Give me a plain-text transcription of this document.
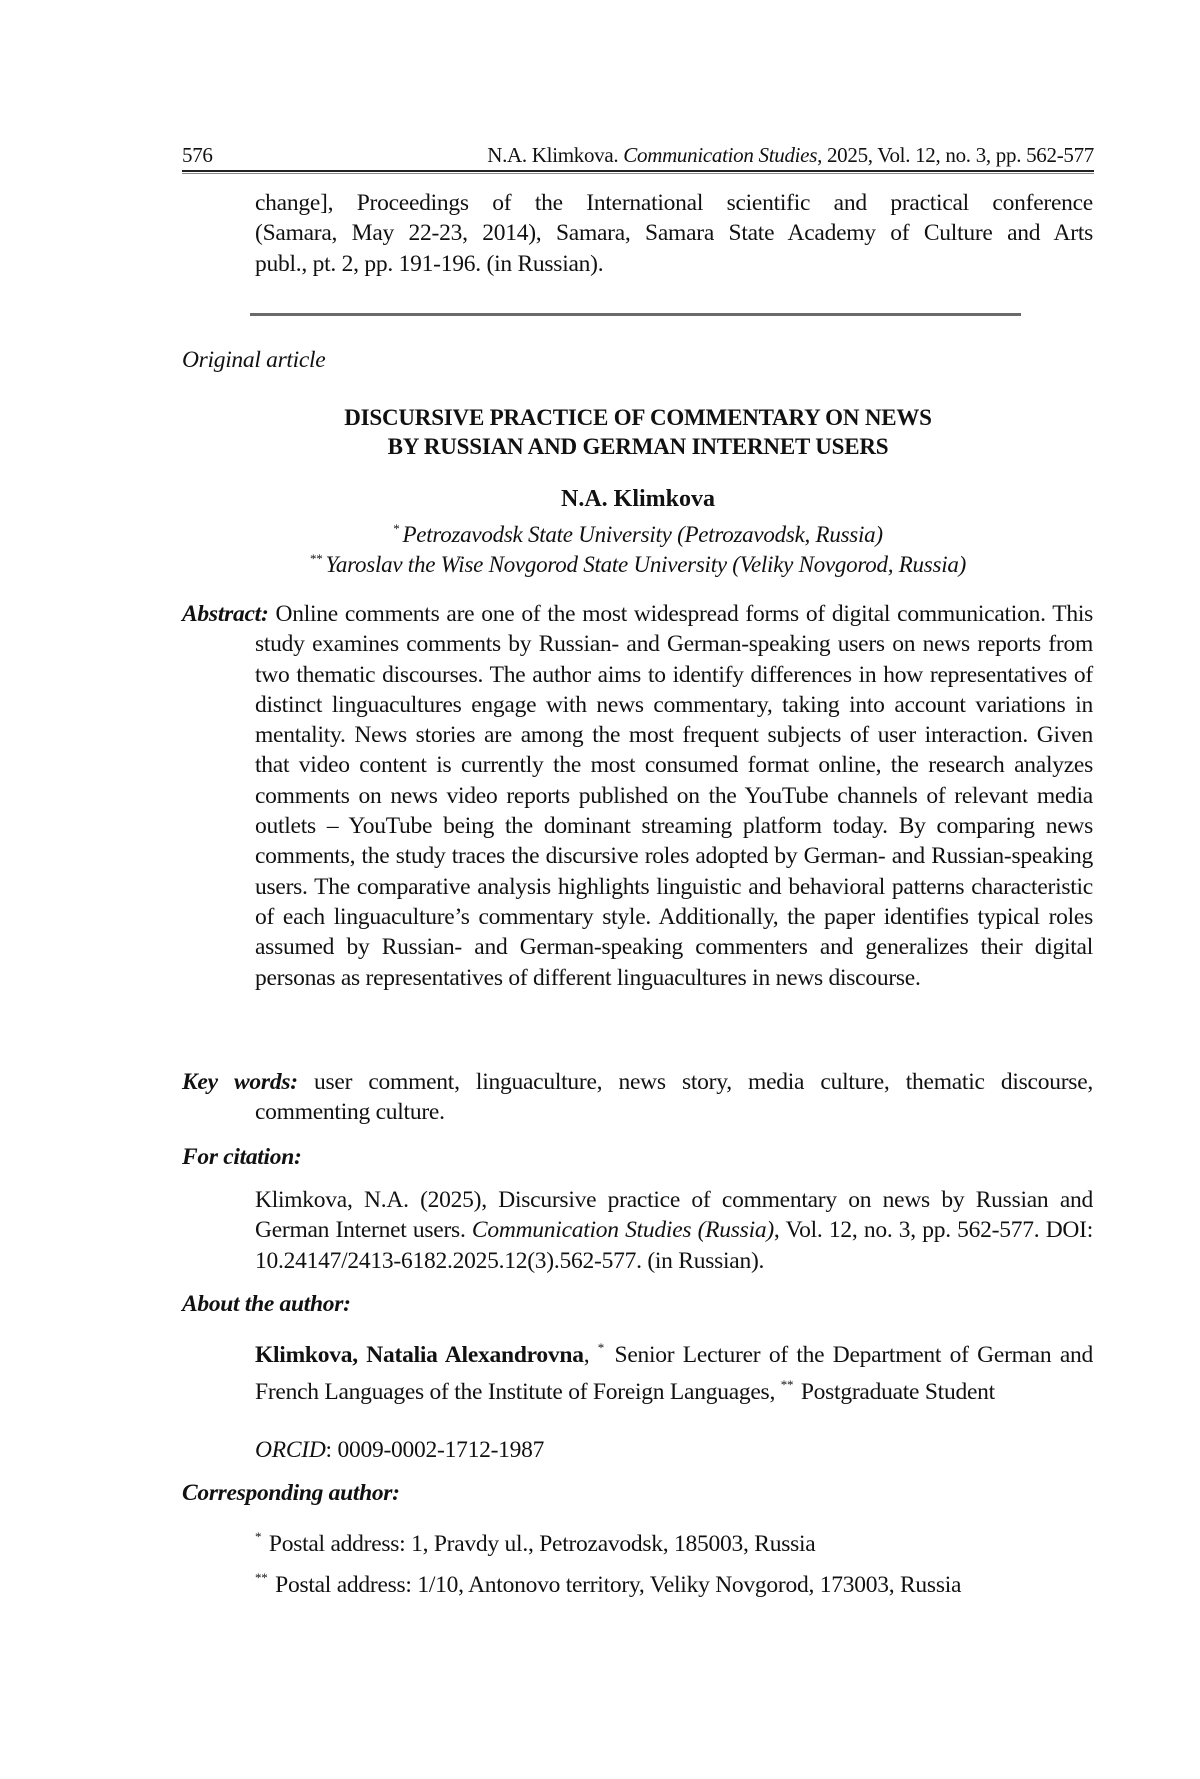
576	N.A. Klimkova. Communication Studies, 2025, Vol. 12, no. 3, pp. 562-577
change], Proceedings of the International scientific and practical conference
(Samara, May 22-23, 2014), Samara, Samara State Academy of Culture and Arts
publ., pt. 2, pp. 191-196. (in Russian).
Original article
DISCURSIVE PRACTICE OF COMMENTARY ON NEWS
BY RUSSIAN AND GERMAN INTERNET USERS
N.A. Klimkova
* Petrozavodsk State University (Petrozavodsk, Russia)
** Yaroslav the Wise Novgorod State University (Veliky Novgorod, Russia)
Abstract: Online comments are one of the most widespread forms of digital communication. This study examines comments by Russian- and German-speaking users on news reports from two thematic discourses. The author aims to identify differences in how representatives of distinct linguacultures engage with news commentary, taking into account variations in mentality. News stories are among the most frequent subjects of user interaction. Given that video content is currently the most consumed format online, the research analyzes comments on news video reports published on the YouTube channels of relevant media outlets – YouTube being the dominant streaming platform today. By comparing news comments, the study traces the discursive roles adopted by German- and Russian-speaking users. The comparative analysis highlights linguistic and behavioral patterns characteristic of each linguaculture’s commentary style. Additionally, the paper identifies typical roles assumed by Russian- and German-speaking commenters and generalizes their digital personas as representatives of different linguacultures in news discourse.
Key words: user comment, linguaculture, news story, media culture, thematic discourse, commenting culture.
For citation:
Klimkova, N.A. (2025), Discursive practice of commentary on news by Russian and German Internet users. Communication Studies (Russia), Vol. 12, no. 3, pp. 562-577. DOI: 10.24147/2413-6182.2025.12(3).562-577. (in Russian).
About the author:
Klimkova, Natalia Alexandrovna, * Senior Lecturer of the Department of German and French Languages of the Institute of Foreign Languages, ** Postgraduate Student
ORCID: 0009-0002-1712-1987
Corresponding author:
* Postal address: 1, Pravdy ul., Petrozavodsk, 185003, Russia
** Postal address: 1/10, Antonovo territory, Veliky Novgorod, 173003, Russia
